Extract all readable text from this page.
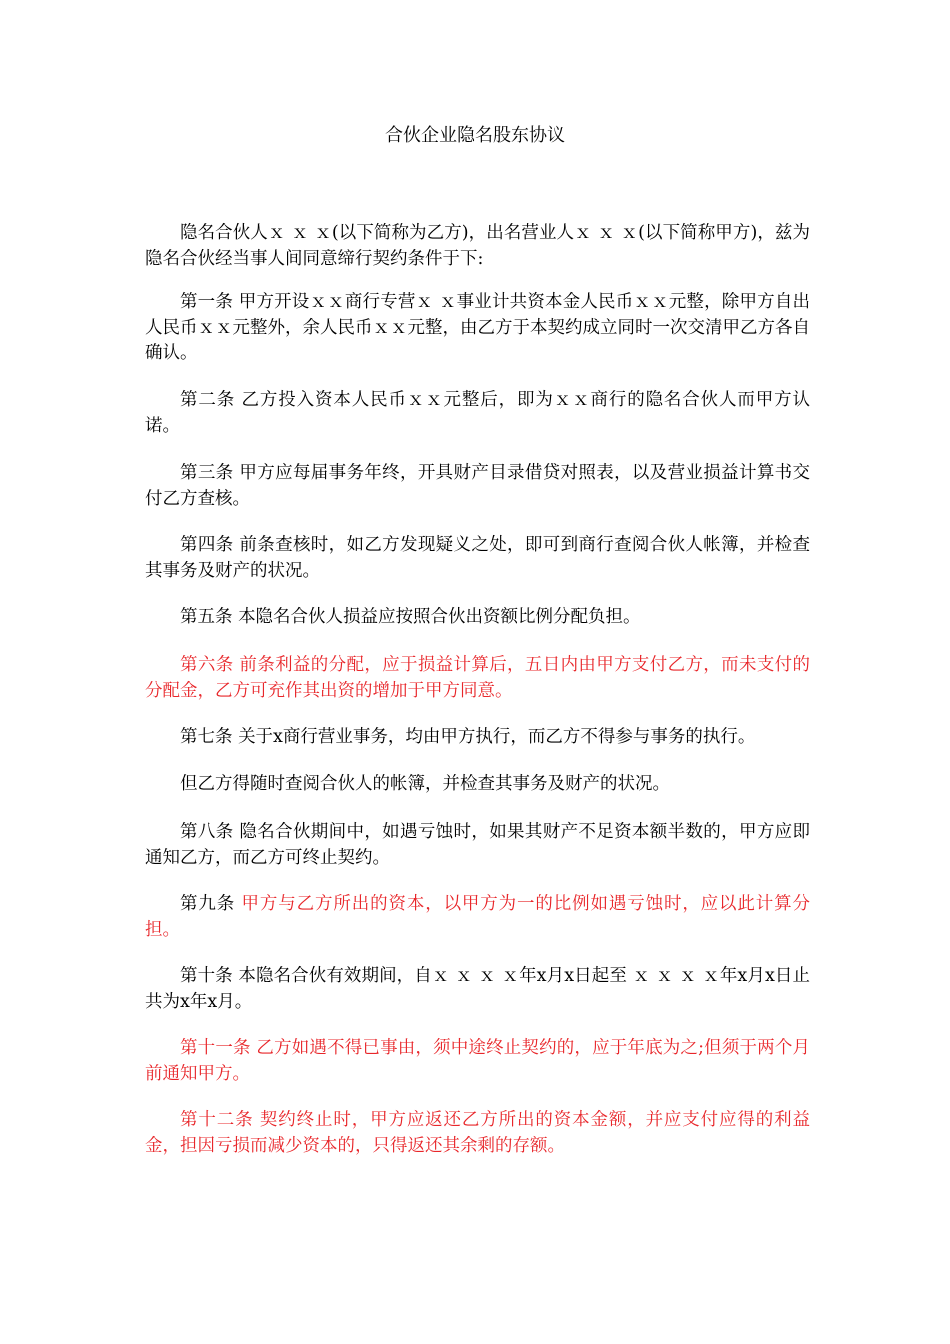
合伙企业隐名股东协议

隐名合伙人ｘ ｘ ｘ(以下简称为乙方)，出名营业人ｘ ｘ ｘ(以下简称甲方)，兹为隐名合伙经当事人间同意缔行契约条件于下:

第一条 甲方开设ｘｘ商行专营ｘ ｘ事业计共资本金人民币ｘｘ元整，除甲方自出人民币ｘｘ元整外，余人民币ｘｘ元整，由乙方于本契约成立同时一次交清甲乙方各自确认。

第二条 乙方投入资本人民币ｘｘ元整后，即为ｘｘ商行的隐名合伙人而甲方认诺。

第三条 甲方应每届事务年终，开具财产目录借贷对照表，以及营业损益计算书交付乙方查核。

第四条 前条查核时，如乙方发现疑义之处，即可到商行查阅合伙人帐簿，并检查其事务及财产的状况。

第五条 本隐名合伙人损益应按照合伙出资额比例分配负担。

第六条 前条利益的分配，应于损益计算后，五日内由甲方支付乙方，而未支付的分配金，乙方可充作其出资的增加于甲方同意。

第七条 关于x商行营业事务，均由甲方执行，而乙方不得参与事务的执行。

但乙方得随时查阅合伙人的帐簿，并检查其事务及财产的状况。

第八条 隐名合伙期间中，如遇亏蚀时，如果其财产不足资本额半数的，甲方应即通知乙方，而乙方可终止契约。

第九条 甲方与乙方所出的资本，以甲方为一的比例如遇亏蚀时，应以此计算分担。

第十条 本隐名合伙有效期间，自ｘ ｘ ｘ ｘ年x月x日起至 ｘ ｘ ｘ ｘ年x月x日止共为x年x月。

第十一条 乙方如遇不得已事由，须中途终止契约的，应于年底为之;但须于两个月前通知甲方。

第十二条 契约终止时，甲方应返还乙方所出的资本金额，并应支付应得的利益金，担因亏损而减少资本的，只得返还其余剩的存额。
